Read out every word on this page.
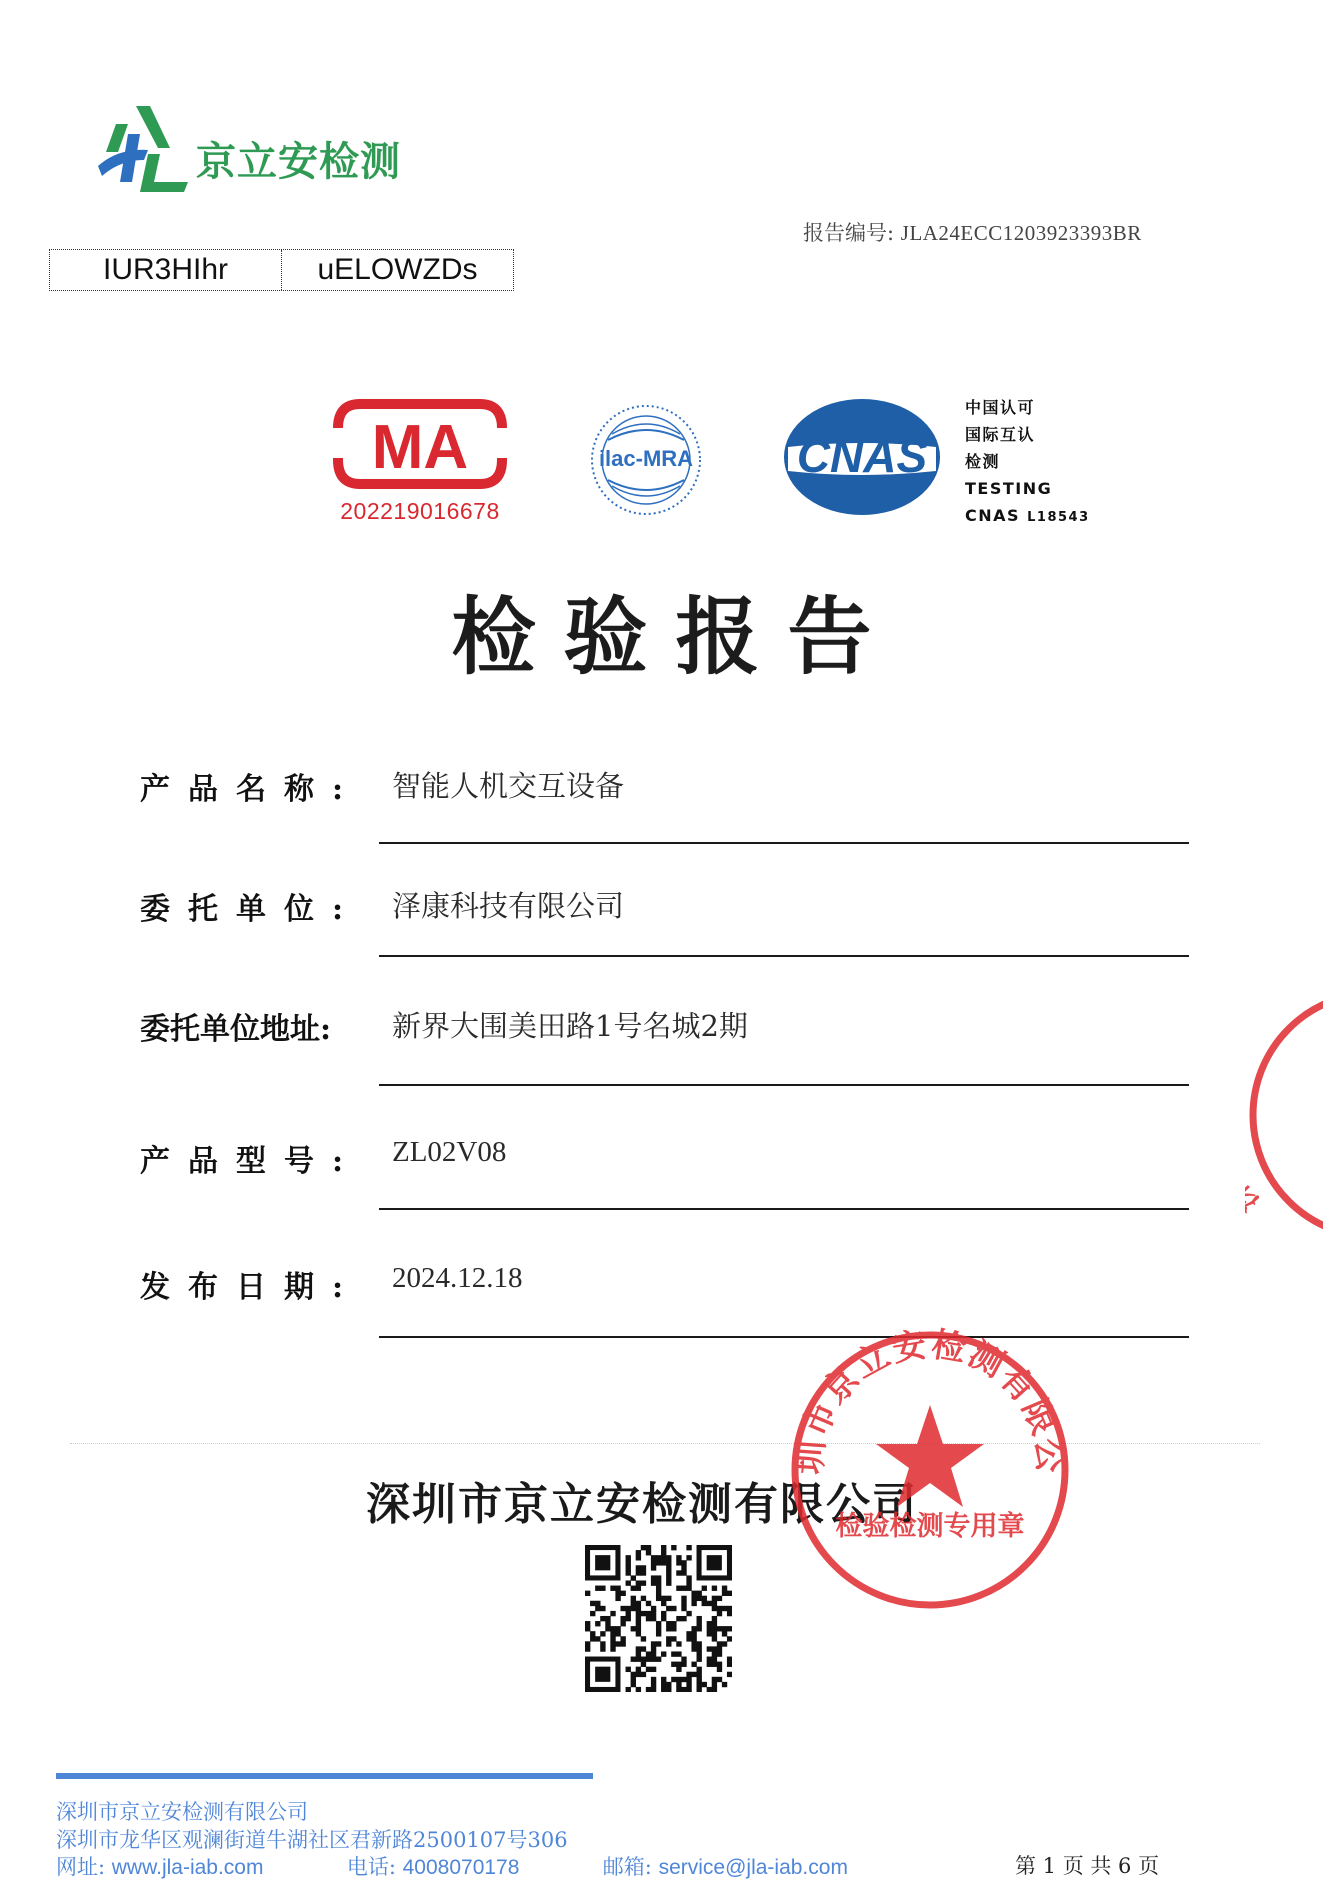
京立安检测
报告编号: JLA24ECC1203923393BR
IUR3HIhr	uELOWZDs
MA
202219016678
ilac-MRA CNAS
中国认可
国际互认
检测
TESTING
CNAS L18543
检验报告
产品名称: 智能人机交互设备
委托单位: 泽康科技有限公司
委托单位地址: 新界大围美田路1号名城2期
产品型号: ZL02V08
发布日期: 2024.12.18
深圳市京立安检测有限公司
圳市京立安检测有限公
检验检测专用章
深圳市京立安检测有限公司
深圳市龙华区观澜街道牛湖社区君新路2500107号306
网址: www.jla-iab.com	电话: 4008070178	邮箱: service@jla-iab.com	第 1 页 共 6 页
